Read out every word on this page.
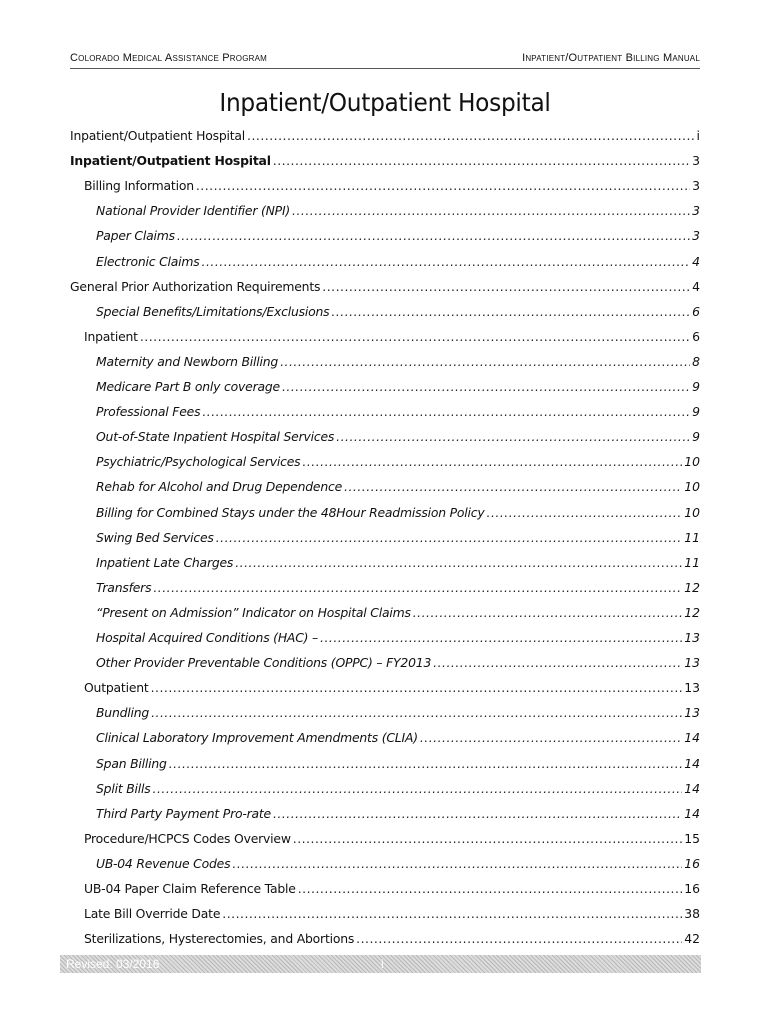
Colorado Medical Assistance Program	Inpatient/Outpatient Billing Manual
Inpatient/Outpatient Hospital
Inpatient/Outpatient Hospital .....	i
Inpatient/Outpatient Hospital .....	3
Billing Information .....	3
National Provider Identifier (NPI) .....	3
Paper Claims .....	3
Electronic Claims .....	4
General Prior Authorization Requirements .....	4
Special Benefits/Limitations/Exclusions .....	6
Inpatient .....	6
Maternity and Newborn Billing .....	8
Medicare Part B only coverage .....	9
Professional Fees .....	9
Out-of-State Inpatient Hospital Services .....	9
Psychiatric/Psychological Services .....	10
Rehab for Alcohol and Drug Dependence .....	10
Billing for Combined Stays under the 48Hour Readmission Policy .....	10
Swing Bed Services .....	11
Inpatient Late Charges .....	11
Transfers .....	12
“Present on Admission” Indicator on Hospital Claims .....	12
Hospital Acquired Conditions (HAC) – .....	13
Other Provider Preventable Conditions (OPPC) – FY2013 .....	13
Outpatient .....	13
Bundling .....	13
Clinical Laboratory Improvement Amendments (CLIA) .....	14
Span Billing .....	14
Split Bills .....	14
Third Party Payment Pro-rate .....	14
Procedure/HCPCS Codes Overview .....	15
UB-04 Revenue Codes .....	16
UB-04 Paper Claim Reference Table .....	16
Late Bill Override Date .....	38
Sterilizations, Hysterectomies, and Abortions .....	42
Revised: 03/2016	i
